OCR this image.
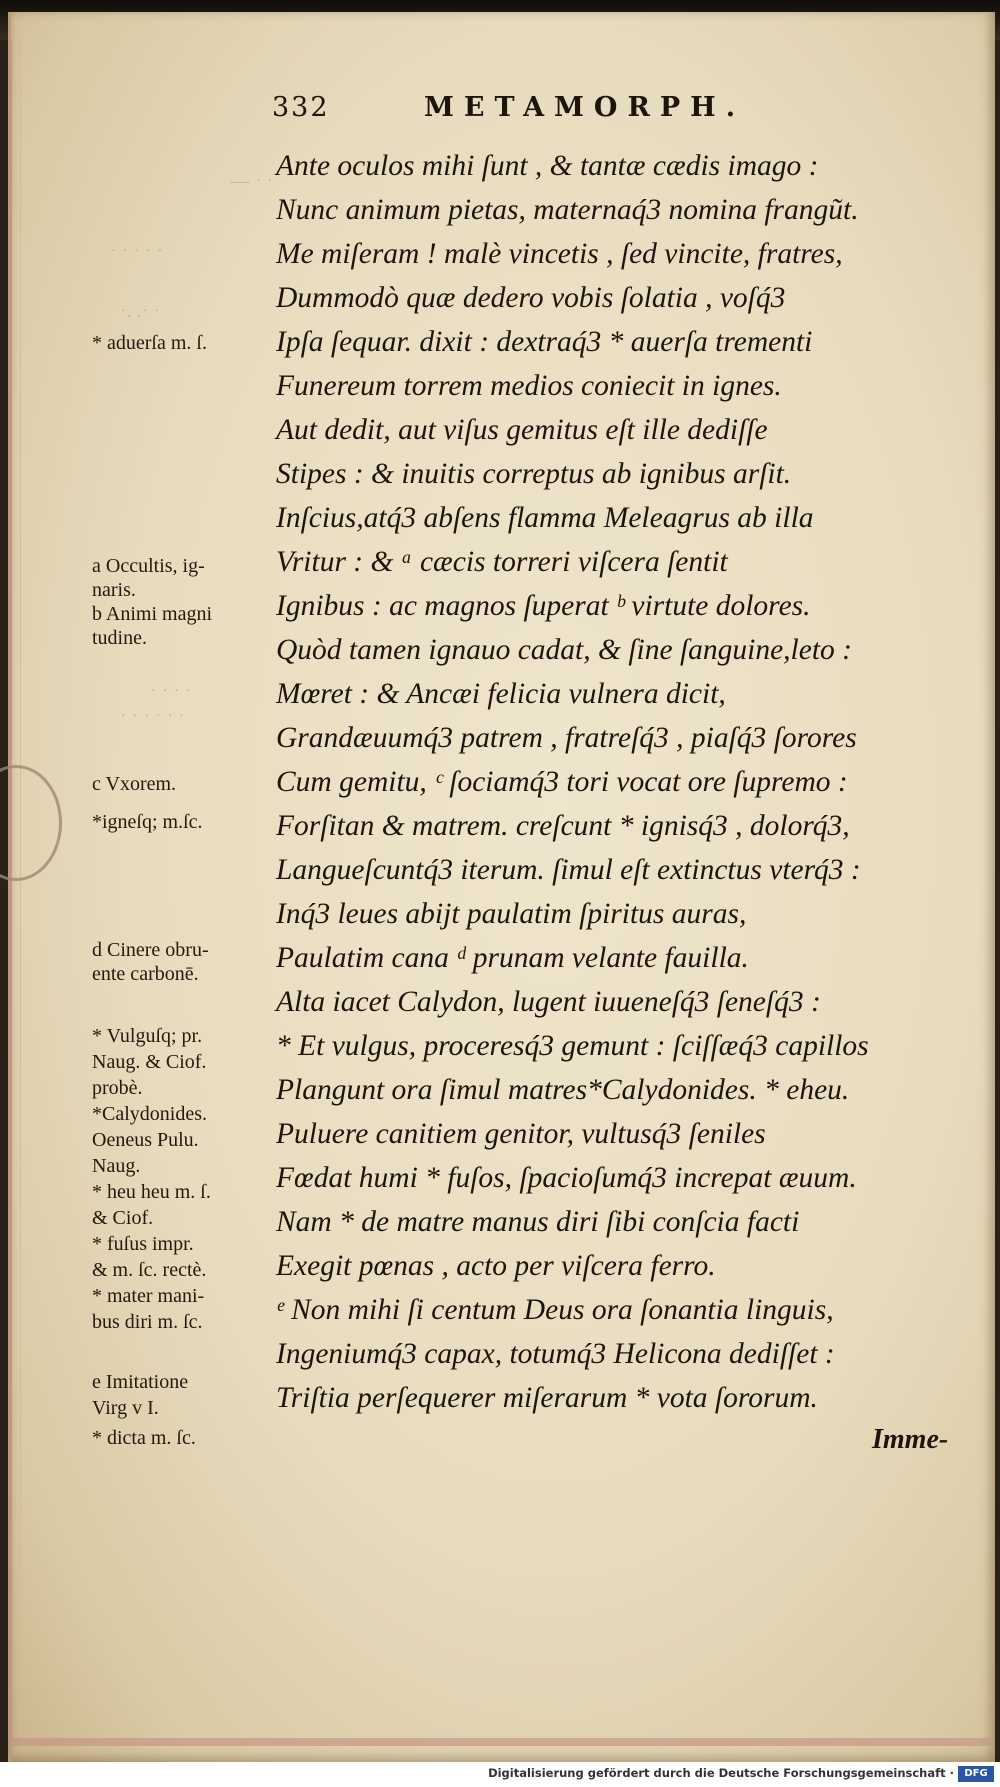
— · ·
· · · · ·
·. .· ·
· · · ·
· · · · · ·
332	METAMORPH.
Ante oculos mihi ſunt , & tantæ cædis imago :
Nunc animum pietas, maternaq́3 nomina frangũt.
Me miſeram ! malè vincetis , ſed vincite, fratres,
Dummodò quæ dedero vobis ſolatia , voſq́3
Ipſa ſequar. dixit : dextraq́3 * auerſa trementi
Funereum torrem medios coniecit in ignes.
Aut dedit, aut viſus gemitus eſt ille dediſſe
Stipes : & inuitis correptus ab ignibus arſit.
Inſcius,atq́3 abſens flamma Meleagrus ab illa
Vritur : & ᵃ cæcis torreri viſcera ſentit
Ignibus : ac magnos ſuperat ᵇ virtute dolores.
Quòd tamen ignauo cadat, & ſine ſanguine,leto :
Mœret : & Ancæi felicia vulnera dicit,
Grandæuumq́3 patrem , fratreſq́3 , piaſq́3 ſorores
Cum gemitu, ᶜ ſociamq́3 tori vocat ore ſupremo :
Forſitan & matrem. creſcunt * ignisq́3 , dolorq́3,
Langueſcuntq́3 iterum. ſimul eſt extinctus vterq́3 :
Inq́3 leues abijt paulatim ſpiritus auras,
Paulatim cana ᵈ prunam velante fauilla.
Alta iacet Calydon, lugent iuueneſq́3 ſeneſq́3 :
* Et vulgus, proceresq́3 gemunt : ſciſſæq́3 capillos
Plangunt ora ſimul matres*Calydonides. * eheu.
Puluere canitiem genitor, vultusq́3 ſeniles
Fœdat humi * fuſos, ſpacioſumq́3 increpat æuum.
Nam * de matre manus diri ſibi conſcia facti
Exegit pœnas , acto per viſcera ferro.
ᵉ Non mihi ſi centum Deus ora ſonantia linguis,
Ingeniumq́3 capax, totumq́3 Helicona dediſſet :
Triſtia perſequerer miſerarum * vota ſororum.
Imme-
* aduerſa m. ſ.
a Occultis, ig-
naris.
b Animi magni
tudine.
c Vxorem.
*igneſq; m.ſc.
d Cinere obru-
ente carbonē.
* Vulguſq; pr.
Naug. & Ciof.
probè.
*Calydonides.
Oeneus Pulu.
Naug.
* heu heu m. ſ.
& Ciof.
* fuſus impr.
& m. ſc. rectè.
* mater mani-
bus diri m. ſc.
e Imitatione
Virg v I.
* dicta m. ſc.
Digitalisierung gefördert durch die Deutsche Forschungsgemeinschaft ·	DFG
